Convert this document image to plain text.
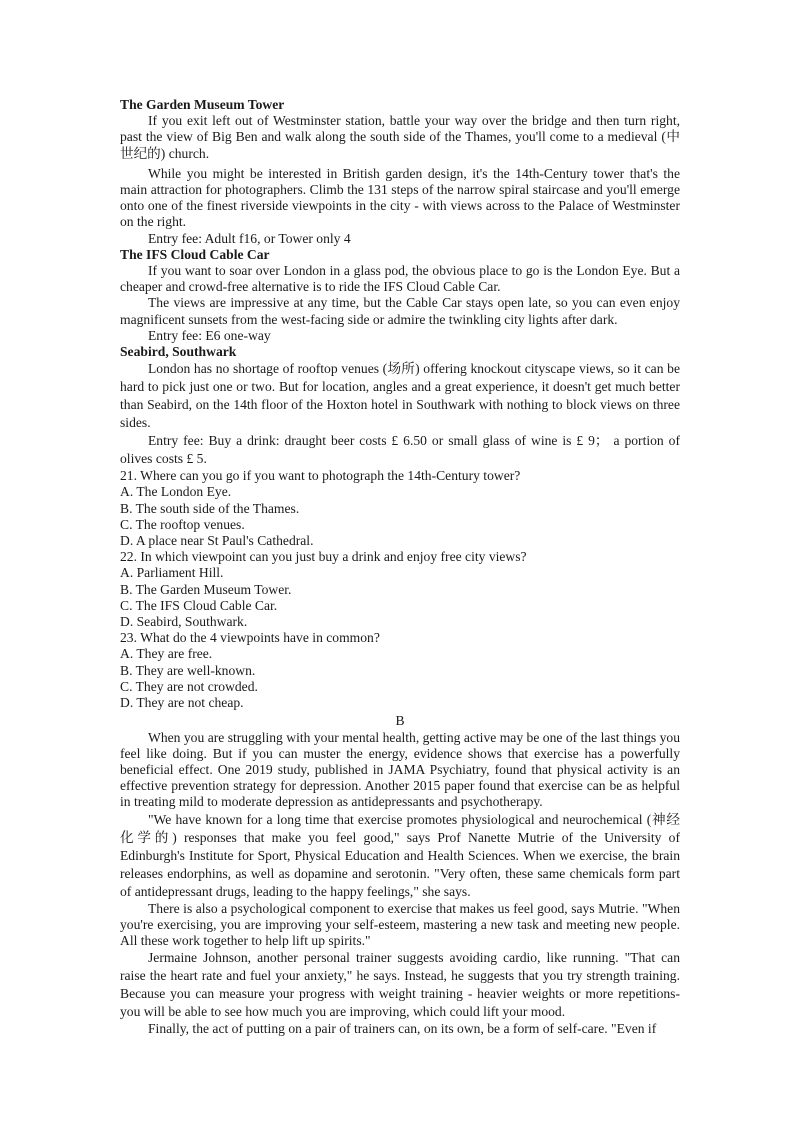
The Garden Museum Tower

If you exit left out of Westminster station, battle your way over the bridge and then turn right, past the view of Big Ben and walk along the south side of the Thames, you'll come to a medieval (中世纪的) church.

While you might be interested in British garden design, it's the 14th-Century tower that's the main attraction for photographers. Climb the 131 steps of the narrow spiral staircase and you'll emerge onto one of the finest riverside viewpoints in the city - with views across to the Palace of Westminster on the right.

Entry fee: Adult f16, or Tower only 4

The IFS Cloud Cable Car

If you want to soar over London in a glass pod, the obvious place to go is the London Eye. But a cheaper and crowd-free alternative is to ride the IFS Cloud Cable Car.

The views are impressive at any time, but the Cable Car stays open late, so you can even enjoy magnificent sunsets from the west-facing side or admire the twinkling city lights after dark.

Entry fee: E6 one-way

Seabird, Southwark

London has no shortage of rooftop venues (场所) offering knockout cityscape views, so it can be hard to pick just one or two. But for location, angles and a great experience, it doesn't get much better than Seabird, on the 14th floor of the Hoxton hotel in Southwark with nothing to block views on three sides.

Entry fee: Buy a drink: draught beer costs £ 6.50 or small glass of wine is £ 9； a portion of olives costs £ 5.

21. Where can you go if you want to photograph the 14th-Century tower?

A. The London Eye.

B. The south side of the Thames.

C. The rooftop venues.

D. A place near St Paul's Cathedral.

22. In which viewpoint can you just buy a drink and enjoy free city views?

A. Parliament Hill.

B. The Garden Museum Tower.

C. The IFS Cloud Cable Car.

D. Seabird, Southwark.

23. What do the 4 viewpoints have in common?

A. They are free.

B. They are well-known.

C. They are not crowded.

D. They are not cheap.

B

When you are struggling with your mental health, getting active may be one of the last things you feel like doing. But if you can muster the energy, evidence shows that exercise has a powerfully beneficial effect. One 2019 study, published in JAMA Psychiatry, found that physical activity is an effective prevention strategy for depression. Another 2015 paper found that exercise can be as helpful in treating mild to moderate depression as antidepressants and psychotherapy.

"We have known for a long time that exercise promotes physiological and neurochemical (神经化学的) responses that make you feel good," says Prof Nanette Mutrie of the University of Edinburgh's Institute for Sport, Physical Education and Health Sciences. When we exercise, the brain releases endorphins, as well as dopamine and serotonin. "Very often, these same chemicals form part of antidepressant drugs, leading to the happy feelings," she says.

There is also a psychological component to exercise that makes us feel good, says Mutrie. "When you're exercising, you are improving your self-esteem, mastering a new task and meeting new people. All these work together to help lift up spirits."

Jermaine Johnson, another personal trainer suggests avoiding cardio, like running. "That can raise the heart rate and fuel your anxiety," he says. Instead, he suggests that you try strength training. Because you can measure your progress with weight training - heavier weights or more repetitions-you will be able to see how much you are improving, which could lift your mood.

Finally, the act of putting on a pair of trainers can, on its own, be a form of self-care. "Even if
